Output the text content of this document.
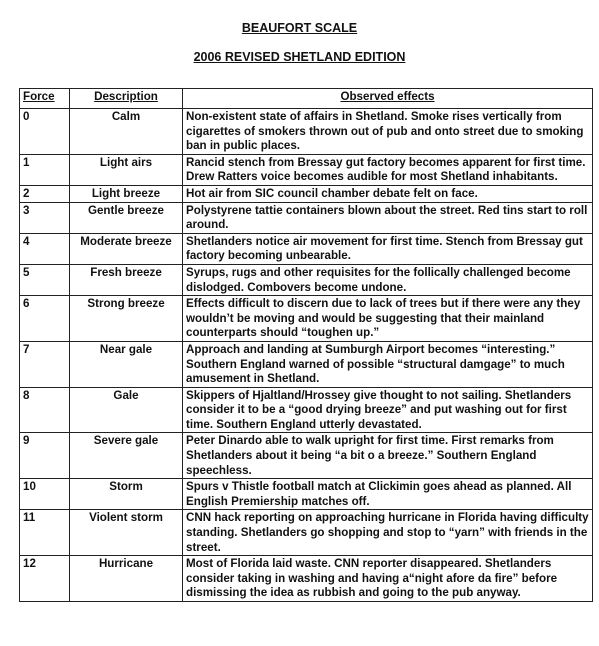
BEAUFORT SCALE
2006 REVISED SHETLAND EDITION
Force	Description	Observed effects
0	Calm	Non-existent state of affairs in Shetland. Smoke rises vertically from cigarettes of smokers thrown out of pub and onto street due to smoking ban in public places.
1	Light airs	Rancid stench from Bressay gut factory becomes apparent for first time. Drew Ratters voice becomes audible for most Shetland inhabitants.
2	Light breeze	Hot air from SIC council chamber debate felt on face.
3	Gentle breeze	Polystyrene tattie containers blown about the street. Red tins start to roll around.
4	Moderate breeze	Shetlanders notice air movement for first time. Stench from Bressay gut factory becoming unbearable.
5	Fresh breeze	Syrups, rugs and other requisites for the follically challenged become dislodged. Combovers become undone.
6	Strong breeze	Effects difficult to discern due to lack of trees but if there were any they wouldn’t be moving and would be suggesting that their mainland counterparts should “toughen up.”
7	Near gale	Approach and landing at Sumburgh Airport becomes “interesting.” Southern England warned of possible “structural damgage” to much amusement in Shetland.
8	Gale	Skippers of Hjaltland/Hrossey give thought to not sailing. Shetlanders consider it to be a “good drying breeze” and put washing out for first time. Southern England utterly devastated.
9	Severe gale	Peter Dinardo able to walk upright for first time. First remarks from Shetlanders about it being “a bit o a breeze.” Southern England speechless.
10	Storm	Spurs v Thistle football match at Clickimin goes ahead as planned. All English Premiership matches off.
11	Violent storm	CNN hack reporting on approaching hurricane in Florida having difficulty standing. Shetlanders go shopping and stop to “yarn” with friends in the street.
12	Hurricane	Most of Florida laid waste. CNN reporter disappeared. Shetlanders consider taking in washing and having a“night afore da fire” before dismissing the idea as rubbish and going to the pub anyway.
